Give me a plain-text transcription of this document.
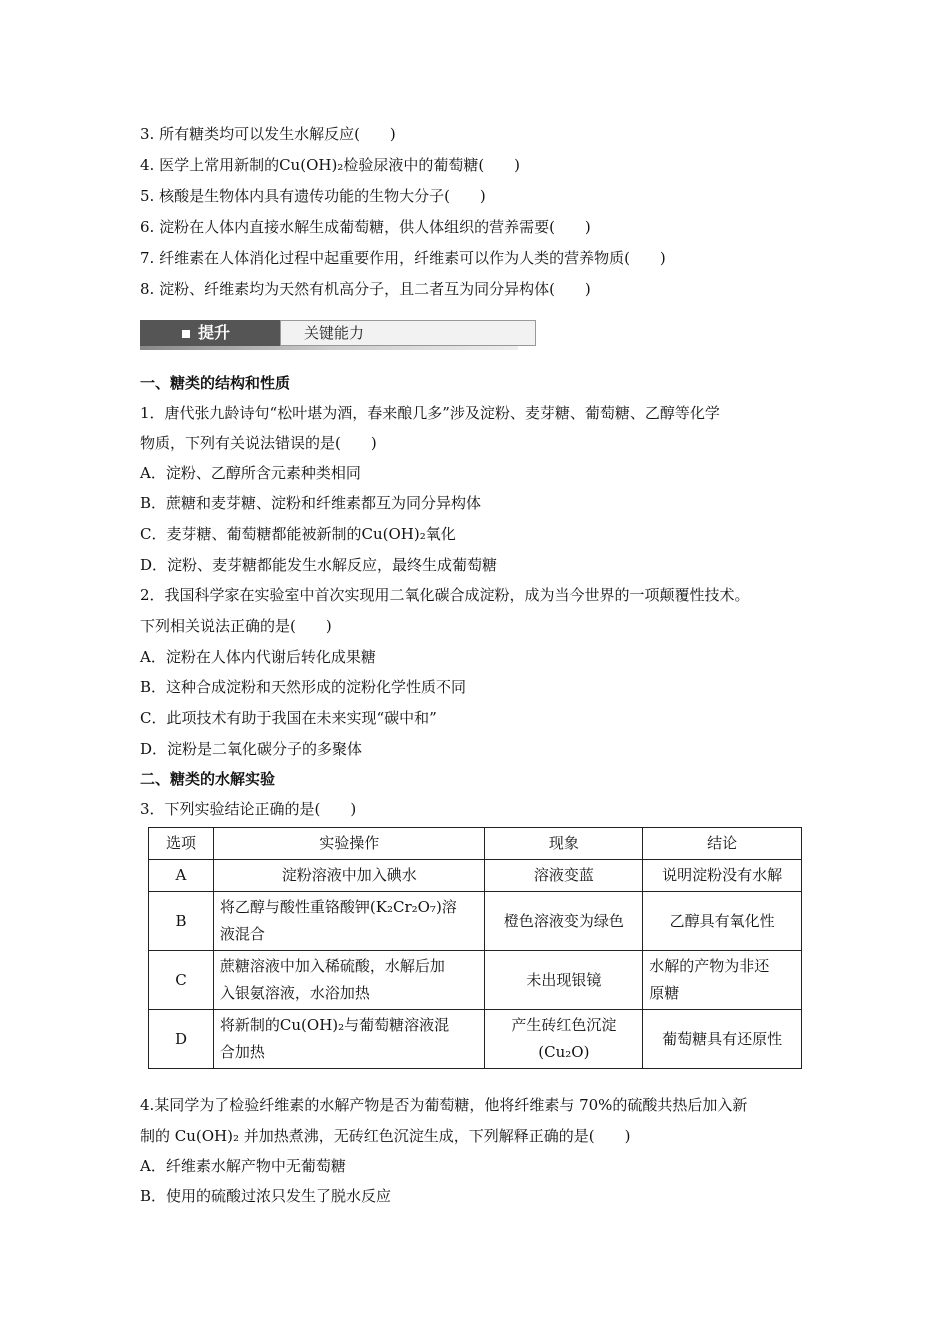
3. 所有糖类均可以发生水解反应(　　)
4. 医学上常用新制的Cu(OH)₂检验尿液中的葡萄糖(　　)
5. 核酸是生物体内具有遗传功能的生物大分子(　　)
6. 淀粉在人体内直接水解生成葡萄糖，供人体组织的营养需要(　　)
7. 纤维素在人体消化过程中起重要作用，纤维素可以作为人类的营养物质(　　)
8. 淀粉、纤维素均为天然有机高分子，且二者互为同分异构体(　　)
提升	关键能力
一、糖类的结构和性质
1．唐代张九龄诗句“松叶堪为酒，春来酿几多”涉及淀粉、麦芽糖、葡萄糖、乙醇等化学
物质，下列有关说法错误的是(　　)
A．淀粉、乙醇所含元素种类相同
B．蔗糖和麦芽糖、淀粉和纤维素都互为同分异构体
C．麦芽糖、葡萄糖都能被新制的Cu(OH)₂氧化
D．淀粉、麦芽糖都能发生水解反应，最终生成葡萄糖
2．我国科学家在实验室中首次实现用二氧化碳合成淀粉，成为当今世界的一项颠覆性技术。
下列相关说法正确的是(　　)
A．淀粉在人体内代谢后转化成果糖
B．这种合成淀粉和天然形成的淀粉化学性质不同
C．此项技术有助于我国在未来实现“碳中和”
D．淀粉是二氧化碳分子的多聚体
二、糖类的水解实验
3．下列实验结论正确的是(　　)
选项	实验操作	现象	结论
A	淀粉溶液中加入碘水	溶液变蓝	说明淀粉没有水解
B	将乙醇与酸性重铬酸钾(K₂Cr₂O₇)溶
液混合	橙色溶液变为绿色	乙醇具有氧化性
C	蔗糖溶液中加入稀硫酸，水解后加
入银氨溶液，水浴加热	未出现银镜	水解的产物为非还
原糖
D	将新制的Cu(OH)₂与葡萄糖溶液混
合加热	产生砖红色沉淀
(Cu₂O)	葡萄糖具有还原性
4.某同学为了检验纤维素的水解产物是否为葡萄糖，他将纤维素与 70%的硫酸共热后加入新
制的 Cu(OH)₂ 并加热煮沸，无砖红色沉淀生成，下列解释正确的是(　　)
A．纤维素水解产物中无葡萄糖
B．使用的硫酸过浓只发生了脱水反应
